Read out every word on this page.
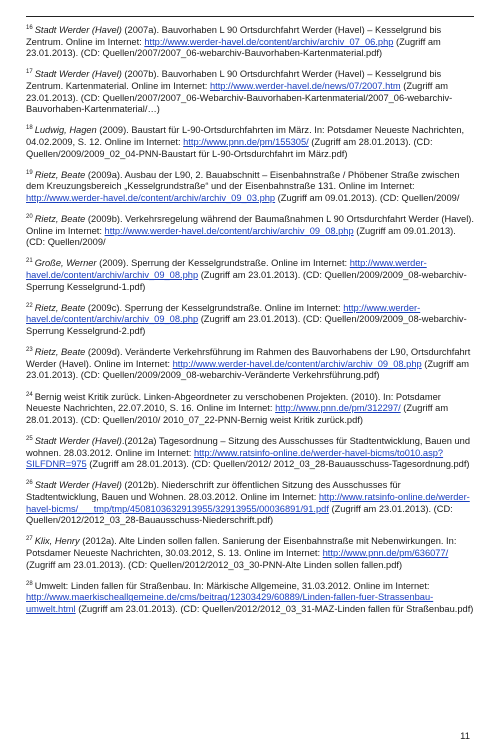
$^{16}$ Stadt Werder (Havel) (2007a). Bauvorhaben L 90 Ortsdurchfahrt Werder (Havel) – Kesselgrund bis Zentrum. Online im Internet: http://www.werder-havel.de/content/archiv/archiv_07_06.php (Zugriff am 23.01.2013). (CD: Quellen/2007/2007_06-webarchiv-Bauvorhaben-Kartenmaterial.pdf)

$^{17}$ Stadt Werder (Havel) (2007b). Bauvorhaben L 90 Ortsdurchfahrt Werder (Havel) – Kesselgrund bis Zentrum. Kartenmaterial. Online im Internet: http://www.werder-havel.de/news/07/2007.htm (Zugriff am 23.01.2013). (CD: Quellen/2007/2007_06-Webarchiv-Bauvorhaben-Kartenmaterial/2007_06-webarchiv-Bauvorhaben-Kartenmaterial/…)

$^{18}$ Ludwig, Hagen (2009). Baustart für L-90-Ortsdurchfahrten im März. In: Potsdamer Neueste Nachrichten, 04.02.2009, S. 12. Online im Internet: http://www.pnn.de/pm/155305/ (Zugriff am 28.01.2013). (CD: Quellen/2009/2009_02_04-PNN-Baustart für L-90-Ortsdurchfahrt im März.pdf)

$^{19}$ Rietz, Beate (2009a). Ausbau der L90, 2. Bauabschnitt – Eisenbahnstraße / Phöbener Straße zwischen dem Kreuzungsbereich „Kesselgrundstraße“ und der Eisenbahnstraße 131. Online im Internet: http://www.werder-havel.de/content/archiv/archiv_09_03.php (Zugriff am 09.01.2013). (CD: Quellen/2009/

$^{20}$ Rietz, Beate (2009b). Verkehrsregelung während der Baumaßnahmen L 90 Ortsdurchfahrt Werder (Havel). Online im Internet: http://www.werder-havel.de/content/archiv/archiv_09_08.php (Zugriff am 09.01.2013). (CD: Quellen/2009/

$^{21}$ Große, Werner (2009). Sperrung der Kesselgrundstraße. Online im Internet: http://www.werder-havel.de/content/archiv/archiv_09_08.php (Zugriff am 23.01.2013). (CD: Quellen/2009/2009_08-webarchiv-Sperrung Kesselgrund-1.pdf)

$^{22}$ Rietz, Beate (2009c). Sperrung der Kesselgrundstraße. Online im Internet: http://www.werder-havel.de/content/archiv/archiv_09_08.php (Zugriff am 23.01.2013). (CD: Quellen/2009/2009_08-webarchiv-Sperrung Kesselgrund-2.pdf)

$^{23}$ Rietz, Beate (2009d). Veränderte Verkehrsführung im Rahmen des Bauvorhabens der L90, Ortsdurchfahrt Werder (Havel). Online im Internet: http://www.werder-havel.de/content/archiv/archiv_09_08.php (Zugriff am 23.01.2013). (CD: Quellen/2009/2009_08-webarchiv-Veränderte Verkehrsführung.pdf)

$^{24}$ Bernig weist Kritik zurück. Linken-Abgeordneter zu verschobenen Projekten. (2010). In: Potsdamer Neueste Nachrichten, 22.07.2010, S. 16. Online im Internet: http://www.pnn.de/pm/312297/ (Zugriff am 28.01.2013). (CD: Quellen/2010/ 2010_07_22-PNN-Bernig weist Kritik zurück.pdf)

$^{25}$ Stadt Werder (Havel).(2012a) Tagesordnung – Sitzung des Ausschusses für Stadtentwicklung, Bauen und wohnen. 28.03.2012. Online im Internet: http://www.ratsinfo-online.de/werder-havel-bicms/to010.asp?SILFDNR=975 (Zugriff am 28.01.2013). (CD: Quellen/2012/ 2012_03_28-Bauausschuss-Tagesordnung.pdf)

$^{26}$ Stadt Werder (Havel) (2012b). Niederschrift zur öffentlichen Sitzung des Ausschusses für Stadtentwicklung, Bauen und Wohnen. 28.03.2012. Online im Internet: http://www.ratsinfo-online.de/werder-havel-bicms/___tmp/tmp/4508103632913955/32913955/00036891/91.pdf (Zugriff am 23.01.2013). (CD: Quellen/2012/2012_03_28-Bauausschuss-Niederschrift.pdf)

$^{27}$ Klix, Henry (2012a). Alte Linden sollen fallen. Sanierung der Eisenbahnstraße mit Nebenwirkungen. In: Potsdamer Neueste Nachrichten, 30.03.2012, S. 13. Online im Internet: http://www.pnn.de/pm/636077/ (Zugriff am 23.01.2013). (CD: Quellen/2012/2012_03_30-PNN-Alte Linden sollen fallen.pdf)

$^{28}$ Umwelt: Linden fallen für Straßenbau. In: Märkische Allgemeine, 31.03.2012. Online im Internet: http://www.maerkischeallgemeine.de/cms/beitrag/12303429/60889/Linden-fallen-fuer-Strassenbau-umwelt.html (Zugriff am 23.01.2013). (CD: Quellen/2012/2012_03_31-MAZ-Linden fallen für Straßenbau.pdf)

11
